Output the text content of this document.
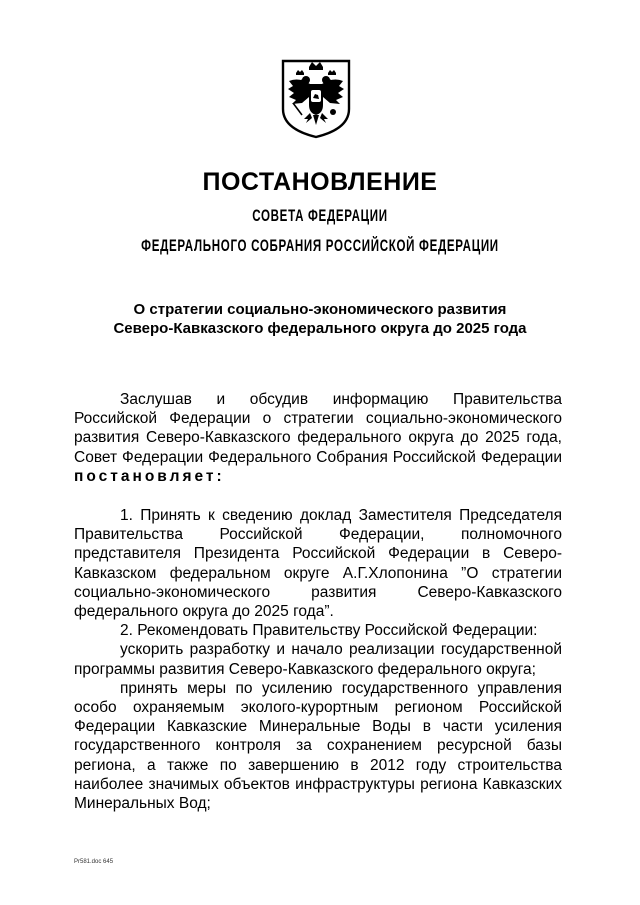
ПОСТАНОВЛЕНИЕ
СОВЕТА ФЕДЕРАЦИИ
ФЕДЕРАЛЬНОГО СОБРАНИЯ РОССИЙСКОЙ ФЕДЕРАЦИИ
О стратегии социально-экономического развития
Северо-Кавказского федерального округа до 2025 года

Заслушав и обсудив информацию Правительства Российской Федерации о стратегии социально-экономического развития Северо-Кавказского федерального округа до 2025 года, Совет Федерации Федерального Собрания Российской Федерации постановляет:

1. Принять к сведению доклад Заместителя Председателя Правительства Российской Федерации, полномочного представителя Президента Российской Федерации в Северо-Кавказском федеральном округе А.Г.Хлопонина ”О стратегии социально-экономического развития Северо-Кавказского федерального округа до 2025 года”.

2. Рекомендовать Правительству Российской Федерации:

ускорить разработку и начало реализации государственной программы развития Северо-Кавказского федерального округа;

принять меры по усилению государственного управления особо охраняемым эколого-курортным регионом Российской Федерации Кавказские Минеральные Воды в части усиления государственного контроля за сохранением ресурсной базы региона, а также по завершению в 2012 году строительства наиболее значимых объектов инфраструктуры региона Кавказских Минеральных Вод;

Pr581.doc 645
